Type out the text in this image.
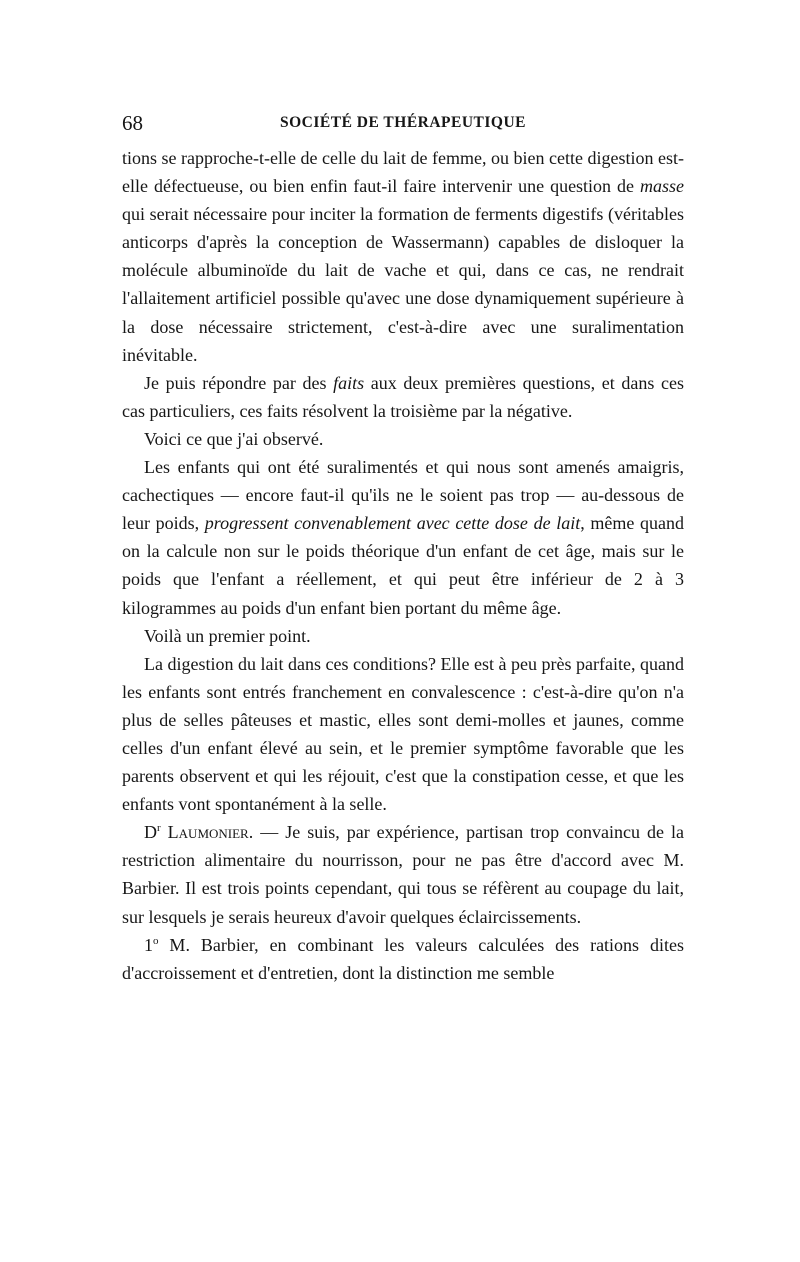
68	SOCIÉTÉ DE THÉRAPEUTIQUE

tions se rapproche-t-elle de celle du lait de femme, ou bien cette digestion est-elle défectueuse, ou bien enfin faut-il faire intervenir une question de masse qui serait nécessaire pour inciter la formation de ferments digestifs (véritables anticorps d'après la conception de Wassermann) capables de disloquer la molécule albuminoïde du lait de vache et qui, dans ce cas, ne rendrait l'allaitement artificiel possible qu'avec une dose dynamiquement supérieure à la dose nécessaire strictement, c'est-à-dire avec une suralimentation inévitable.

Je puis répondre par des faits aux deux premières questions, et dans ces cas particuliers, ces faits résolvent la troisième par la négative.

Voici ce que j'ai observé.

Les enfants qui ont été suralimentés et qui nous sont amenés amaigris, cachectiques — encore faut-il qu'ils ne le soient pas trop — au-dessous de leur poids, progressent convenablement avec cette dose de lait, même quand on la calcule non sur le poids théorique d'un enfant de cet âge, mais sur le poids que l'enfant a réellement, et qui peut être inférieur de 2 à 3 kilogrammes au poids d'un enfant bien portant du même âge.

Voilà un premier point.

La digestion du lait dans ces conditions? Elle est à peu près parfaite, quand les enfants sont entrés franchement en convalescence : c'est-à-dire qu'on n'a plus de selles pâteuses et mastic, elles sont demi-molles et jaunes, comme celles d'un enfant élevé au sein, et le premier symptôme favorable que les parents observent et qui les réjouit, c'est que la constipation cesse, et que les enfants vont spontanément à la selle.

$D^r$ Laumonier. — Je suis, par expérience, partisan trop convaincu de la restriction alimentaire du nourrisson, pour ne pas être d'accord avec M. Barbier. Il est trois points cependant, qui tous se réfèrent au coupage du lait, sur lesquels je serais heureux d'avoir quelques éclaircissements.

1$^o$ M. Barbier, en combinant les valeurs calculées des rations dites d'accroissement et d'entretien, dont la distinction me semble
